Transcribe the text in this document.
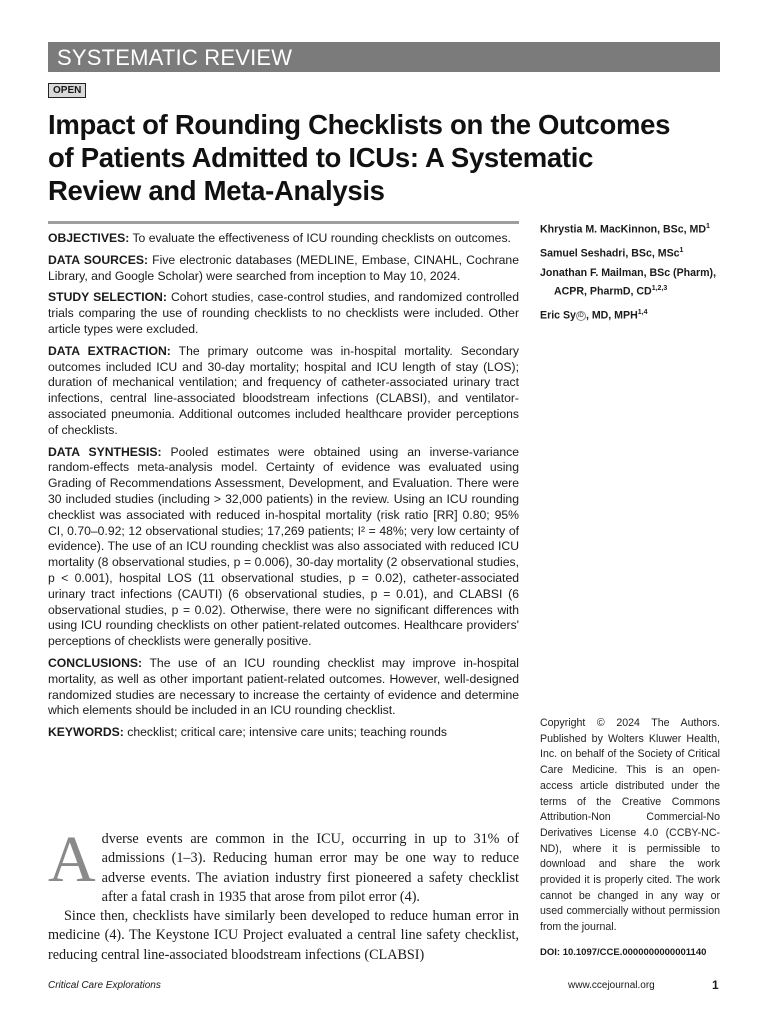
SYSTEMATIC REVIEW
OPEN
Impact of Rounding Checklists on the Outcomes of Patients Admitted to ICUs: A Systematic Review and Meta-Analysis

OBJECTIVES: To evaluate the effectiveness of ICU rounding checklists on outcomes.

DATA SOURCES: Five electronic databases (MEDLINE, Embase, CINAHL, Cochrane Library, and Google Scholar) were searched from inception to May 10, 2024.

STUDY SELECTION: Cohort studies, case-control studies, and randomized controlled trials comparing the use of rounding checklists to no checklists were included. Other article types were excluded.

DATA EXTRACTION: The primary outcome was in-hospital mortality. Secondary outcomes included ICU and 30-day mortality; hospital and ICU length of stay (LOS); duration of mechanical ventilation; and frequency of catheter-associated urinary tract infections, central line-associated bloodstream infections (CLABSI), and ventilator-associated pneumonia. Additional outcomes included healthcare provider perceptions of checklists.

DATA SYNTHESIS: Pooled estimates were obtained using an inverse-variance random-effects meta-analysis model. Certainty of evidence was evaluated using Grading of Recommendations Assessment, Development, and Evaluation. There were 30 included studies (including > 32,000 patients) in the review. Using an ICU rounding checklist was associated with reduced in-hospital mortality (risk ratio [RR] 0.80; 95% CI, 0.70–0.92; 12 observational studies; 17,269 patients; I² = 48%; very low certainty of evidence). The use of an ICU rounding checklist was also associated with reduced ICU mortality (8 observational studies, p = 0.006), 30-day mortality (2 observational studies, p < 0.001), hospital LOS (11 observational studies, p = 0.02), catheter-associated urinary tract infections (CAUTI) (6 observational studies, p = 0.01), and CLABSI (6 observational studies, p = 0.02). Otherwise, there were no significant differences with using ICU rounding checklists on other patient-related outcomes. Healthcare providers' perceptions of checklists were generally positive.

CONCLUSIONS: The use of an ICU rounding checklist may improve in-hospital mortality, as well as other important patient-related outcomes. However, well-designed randomized studies are necessary to increase the certainty of evidence and determine which elements should be included in an ICU rounding checklist.

KEYWORDS: checklist; critical care; intensive care units; teaching rounds

Khrystia M. MacKinnon, BSc, $MD^1$
Samuel Seshadri, BSc, MSc$^1$
Jonathan F. Mailman, BSc (Pharm), ACPR, PharmD, CD$^{1,2,3}$
Eric Sy iD , MD, MPH$^{1,4}$
Copyright © 2024 The Authors. Published by Wolters Kluwer Health, Inc. on behalf of the Society of Critical Care Medicine. This is an open-access article distributed under the terms of the Creative Commons Attribution-Non Commercial-No Derivatives License 4.0 (CCBY-NC-ND), where it is permissible to download and share the work provided it is properly cited. The work cannot be changed in any way or used commercially without permission from the journal.
DOI: 10.1097/CCE.0000000000001140

Adverse events are common in the ICU, occurring in up to 31% of admissions (1–3). Reducing human error may be one way to reduce adverse events. The aviation industry first pioneered a safety checklist after a fatal crash in 1935 that arose from pilot error (4).

Since then, checklists have similarly been developed to reduce human error in medicine (4). The Keystone ICU Project evaluated a central line safety checklist, reducing central line-associated bloodstream infections (CLABSI)

Critical Care Explorations	www.ccejournal.org	1
